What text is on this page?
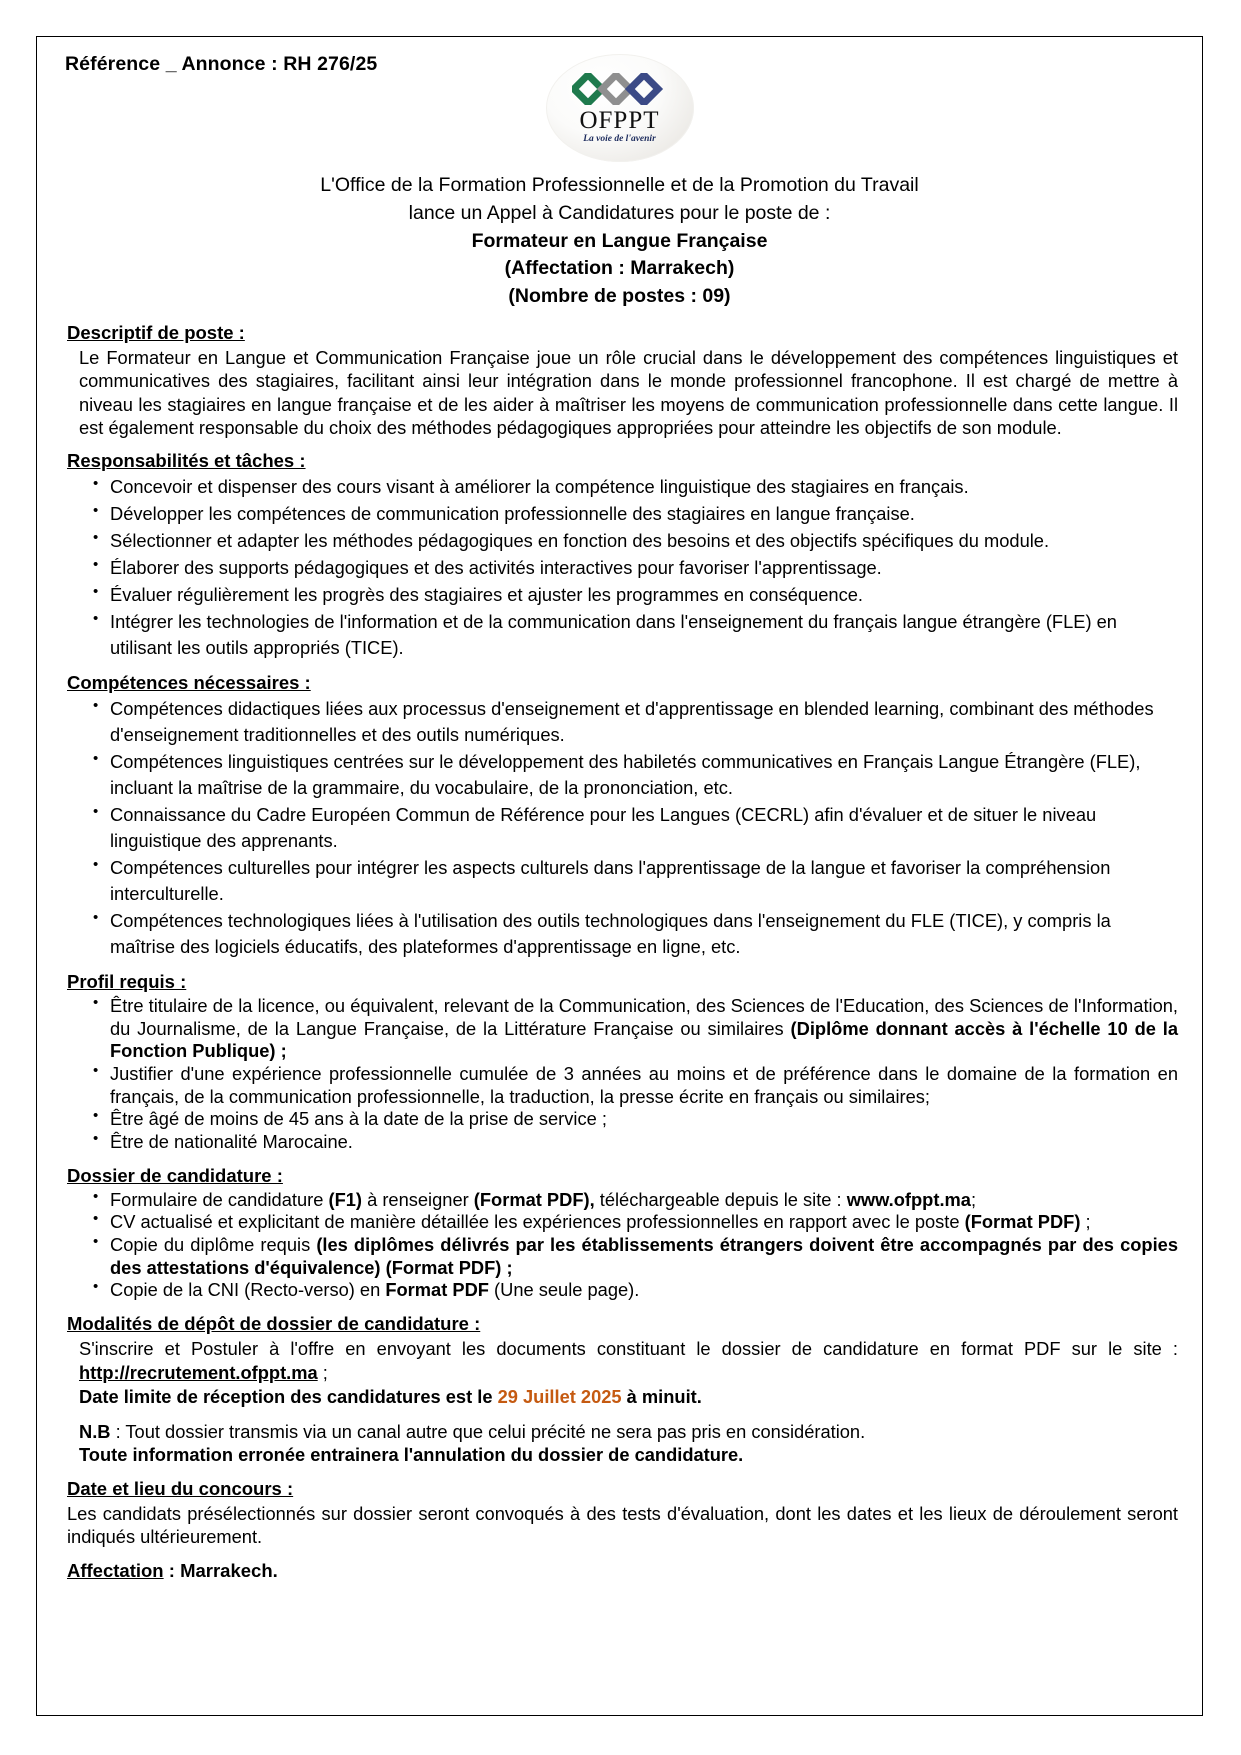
Référence _ Annonce : RH 276/25
OFPPT
La voie de l'avenir
L'Office de la Formation Professionnelle et de la Promotion du Travail
lance un Appel à Candidatures pour le poste de :
Formateur en Langue Française
(Affectation : Marrakech)
(Nombre de postes : 09)
Descriptif de poste :
Le Formateur en Langue et Communication Française joue un rôle crucial dans le développement des compétences linguistiques et communicatives des stagiaires, facilitant ainsi leur intégration dans le monde professionnel francophone. Il est chargé de mettre à niveau les stagiaires en langue française et de les aider à maîtriser les moyens de communication professionnelle dans cette langue. Il est également responsable du choix des méthodes pédagogiques appropriées pour atteindre les objectifs de son module.
Responsabilités et tâches :
• Concevoir et dispenser des cours visant à améliorer la compétence linguistique des stagiaires en français.
• Développer les compétences de communication professionnelle des stagiaires en langue française.
• Sélectionner et adapter les méthodes pédagogiques en fonction des besoins et des objectifs spécifiques du module.
• Élaborer des supports pédagogiques et des activités interactives pour favoriser l'apprentissage.
• Évaluer régulièrement les progrès des stagiaires et ajuster les programmes en conséquence.
• Intégrer les technologies de l'information et de la communication dans l'enseignement du français langue étrangère (FLE) en utilisant les outils appropriés (TICE).
Compétences nécessaires :
• Compétences didactiques liées aux processus d'enseignement et d'apprentissage en blended learning, combinant des méthodes d'enseignement traditionnelles et des outils numériques.
• Compétences linguistiques centrées sur le développement des habiletés communicatives en Français Langue Étrangère (FLE), incluant la maîtrise de la grammaire, du vocabulaire, de la prononciation, etc.
• Connaissance du Cadre Européen Commun de Référence pour les Langues (CECRL) afin d'évaluer et de situer le niveau linguistique des apprenants.
• Compétences culturelles pour intégrer les aspects culturels dans l'apprentissage de la langue et favoriser la compréhension interculturelle.
• Compétences technologiques liées à l'utilisation des outils technologiques dans l'enseignement du FLE (TICE), y compris la maîtrise des logiciels éducatifs, des plateformes d'apprentissage en ligne, etc.
Profil requis :
• Être titulaire de la licence, ou équivalent, relevant de la Communication, des Sciences de l'Education, des Sciences de l'Information, du Journalisme, de la Langue Française, de la Littérature Française ou similaires (Diplôme donnant accès à l'échelle 10 de la Fonction Publique) ;
• Justifier d'une expérience professionnelle cumulée de 3 années au moins et de préférence dans le domaine de la formation en français, de la communication professionnelle, la traduction, la presse écrite en français ou similaires;
• Être âgé de moins de 45 ans à la date de la prise de service ;
• Être de nationalité Marocaine.
Dossier de candidature :
• Formulaire de candidature (F1) à renseigner (Format PDF), téléchargeable depuis le site : www.ofppt.ma;
• CV actualisé et explicitant de manière détaillée les expériences professionnelles en rapport avec le poste (Format PDF) ;
• Copie du diplôme requis (les diplômes délivrés par les établissements étrangers doivent être accompagnés par des copies des attestations d'équivalence) (Format PDF) ;
• Copie de la CNI (Recto-verso) en Format PDF (Une seule page).
Modalités de dépôt de dossier de candidature :
S'inscrire et Postuler à l'offre en envoyant les documents constituant le dossier de candidature en format PDF sur le site : http://recrutement.ofppt.ma ;
Date limite de réception des candidatures est le 29 Juillet 2025 à minuit.
N.B : Tout dossier transmis via un canal autre que celui précité ne sera pas pris en considération.
Toute information erronée entrainera l'annulation du dossier de candidature.
Date et lieu du concours :
Les candidats présélectionnés sur dossier seront convoqués à des tests d'évaluation, dont les dates et les lieux de déroulement seront indiqués ultérieurement.
Affectation : Marrakech.
